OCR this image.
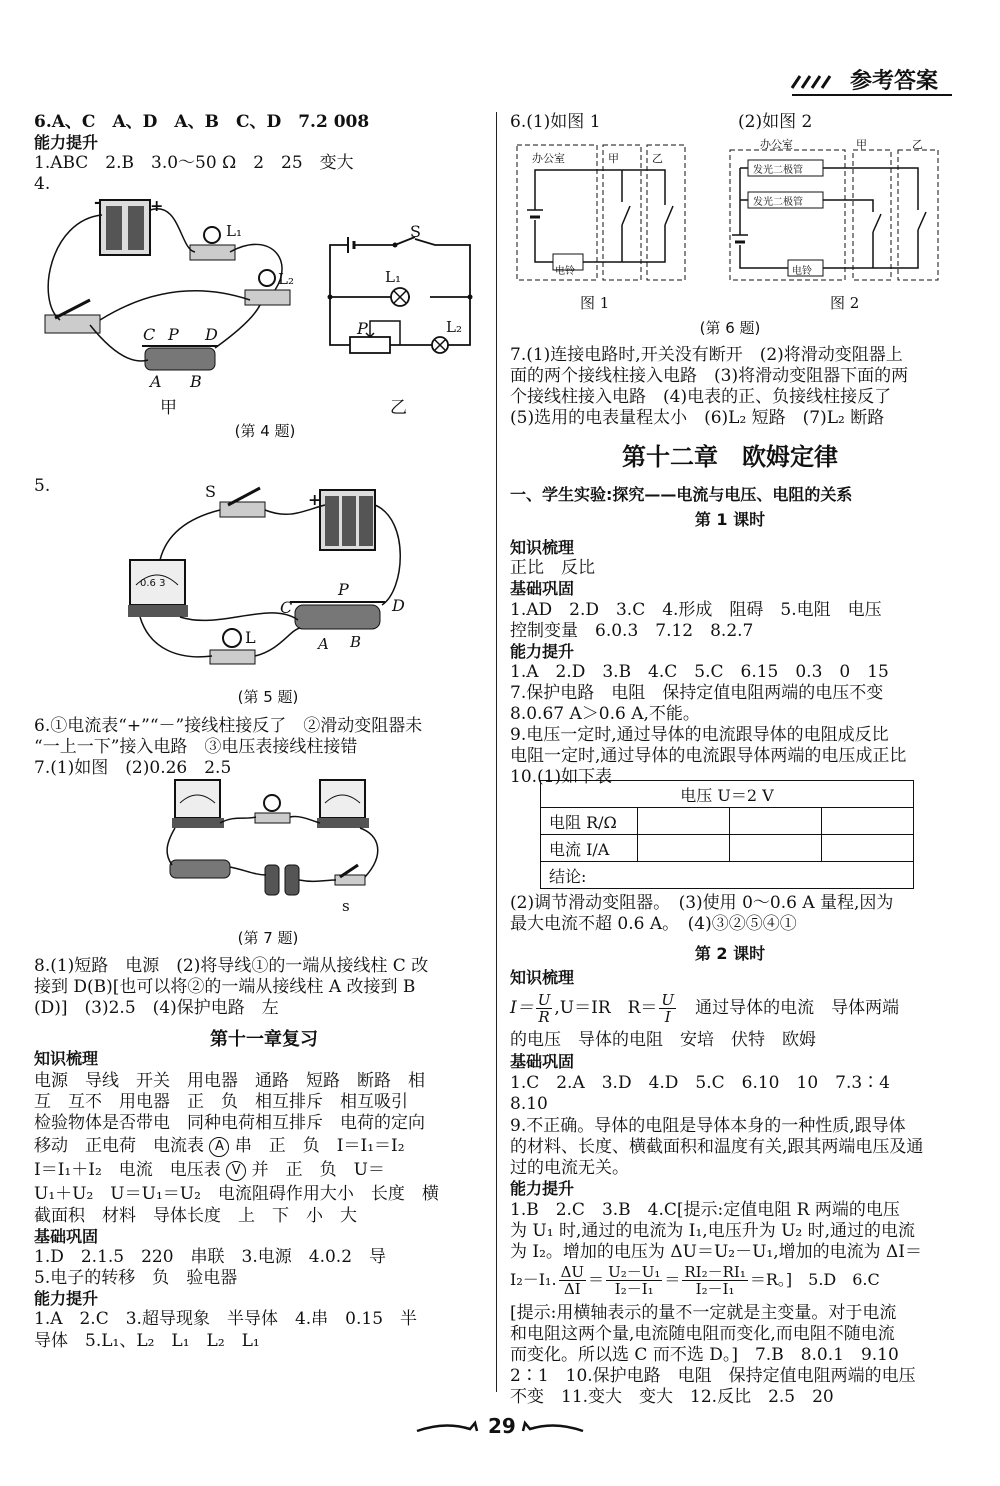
参考答案
6.A、C　A、D　A、B　C、D　7.2 008
能力提升
1.ABC　2.B　3.0～50 Ω　2　25　变大
4.
-	+
L₁
L₂
C P D
A B
甲
S
L₁
P	L₂
乙
(第 4 题)
5.	S	+
0.6 3
C
P
D
A B
L
(第 5 题)
6.①电流表“+”“－”接线柱接反了　②滑动变阻器未
“一上一下”接入电路　③电压表接线柱接错
7.(1)如图　(2)0.26　2.5
s
(第 7 题)
8.(1)短路　电源　(2)将导线①的一端从接线柱 C 改
接到 D(B)[也可以将②的一端从接线柱 A 改接到 B
(D)]　(3)2.5　(4)保护电路　左
第十一章复习
知识梳理
电源　导线　开关　用电器　通路　短路　断路　相
互　互不　用电器　正　负　相互排斥　相互吸引
检验物体是否带电　同种电荷相互排斥　电荷的定向
移动　正电荷　电流表 A 串　正　负　I＝I₁＝I₂
I＝I₁＋I₂　电流　电压表 V 并　正　负　U＝
U₁＋U₂　U＝U₁＝U₂　电流阻碍作用大小　长度　横
截面积　材料　导体长度　上　下　小　大
基础巩固
1.D　2.1.5　220　串联　3.电源　4.0.2　导
5.电子的转移　负　验电器
能力提升
1.A　2.C　3.超导现象　半导体　4.串　0.15　半
导体　5.L₁、L₂　L₁　L₂　L₁
6.(1)如图 1	(2)如图 2
办公室	甲	乙
电铃
图 1
办公室	甲	乙
发光二极管
发光二极管
电铃
图 2
(第 6 题)
7.(1)连接电路时,开关没有断开　(2)将滑动变阻器上
面的两个接线柱接入电路　(3)将滑动变阻器下面的两
个接线柱接入电路　(4)电表的正、负接线柱接反了
(5)选用的电表量程太小　(6)L₂ 短路　(7)L₂ 断路
第十二章　欧姆定律
一、学生实验:探究——电流与电压、电阻的关系
第 1 课时
知识梳理
正比　反比
基础巩固
1.AD　2.D　3.C　4.形成　阻碍　5.电阻　电压
控制变量　6.0.3　7.12　8.2.7
能力提升
1.A　2.D　3.B　4.C　5.C　6.15　0.3　0　15
7.保护电路　电阻　保持定值电阻两端的电压不变
8.0.67 A＞0.6 A,不能。
9.电压一定时,通过导体的电流跟导体的电阻成反比
电阻一定时,通过导体的电流跟导体两端的电压成正比
10.(1)如下表
电压 U＝2 V			
电阻 R/Ω			
电流 I/A			
结论:			
(2)调节滑动变阻器。　(3)使用 0～0.6 A 量程,因为
最大电流不超 0.6 A。　(4)③②⑤④①
第 2 课时
知识梳理
$I= \frac{U}{R} ,U=IR$　$R= \frac{U}{I}$ 　通过导体的电流　导体两端
的电压　导体的电阻　安培　伏特　欧姆
基础巩固
1.C　2.A　3.D　4.D　5.C　6.10　10　7.3∶4
8.10
9.不正确。导体的电阻是导体本身的一种性质,跟导体
的材料、长度、横截面积和温度有关,跟其两端电压及通
过的电流无关。
能力提升
1.B　2.C　3.B　4.C[提示:定值电阻 R 两端的电压
为 U₁ 时,通过的电流为 I₁,电压升为 U₂ 时,通过的电流
为 I₂。增加的电压为 ΔU＝U₂－U₁,增加的电流为 ΔI＝
I₂－I₁. $\frac{\Delta U}{\Delta I} = \frac{\text{U₂－U₁}}{\text{I₂－I₁}} = \frac{\text{RI₂－RI₁}}{\text{I₂－I₁}} =R$。]　5.D　6.C
[提示:用横轴表示的量不一定就是主变量。对于电流
和电阻这两个量,电流随电阻而变化,而电阻不随电流
而变化。所以选 C 而不选 D。]　7.B　8.0.1　9.10
2∶1　10.保护电路　电阻　保持定值电阻两端的电压
不变　11.变大　变大　12.反比　2.5　20
29
